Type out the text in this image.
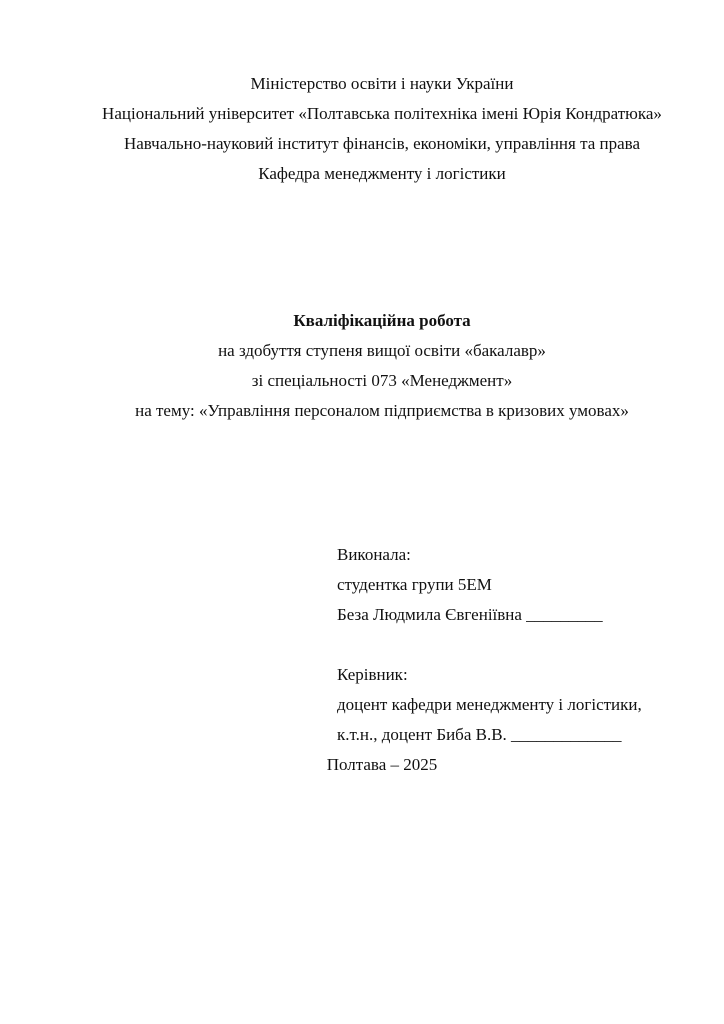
Міністерство освіти і науки України

Національний університет «Полтавська політехніка імені Юрія Кондратюка»

Навчально-науковий інститут фінансів, економіки, управління та права

Кафедра менеджменту і логістики

Кваліфікаційна робота

на здобуття ступеня вищої освіти «бакалавр»

зі спеціальності 073 «Менеджмент»

на тему: «Управління персоналом підприємства в кризових умовах»

Виконала:

студентка групи 5ЕМ

Беза Людмила Євгеніївна _________

Керівник:

доцент кафедри менеджменту і логістики,

к.т.н., доцент Биба В.В. _____________

Полтава – 2025
